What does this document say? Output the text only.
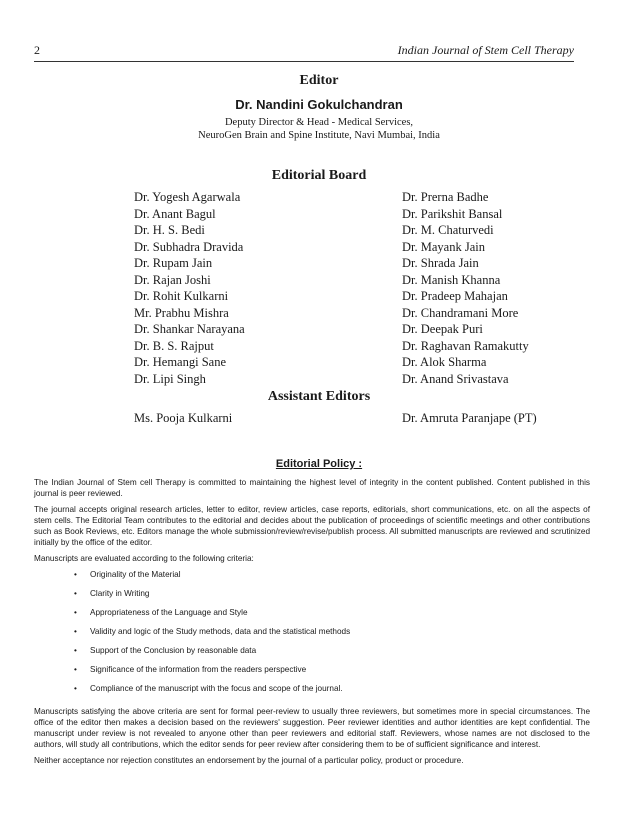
2	Indian Journal of Stem Cell Therapy
Editor
Dr. Nandini Gokulchandran
Deputy Director & Head - Medical Services,
NeuroGen Brain and Spine Institute, Navi Mumbai, India
Editorial Board
Dr. Yogesh Agarwala
Dr. Anant Bagul
Dr. H. S. Bedi
Dr. Subhadra Dravida
Dr. Rupam Jain
Dr. Rajan Joshi
Dr. Rohit Kulkarni
Mr. Prabhu Mishra
Dr. Shankar Narayana
Dr. B. S. Rajput
Dr. Hemangi Sane
Dr. Lipi Singh
Dr. Prerna Badhe
Dr. Parikshit Bansal
Dr. M. Chaturvedi
Dr. Mayank Jain
Dr. Shrada Jain
Dr. Manish Khanna
Dr. Pradeep Mahajan
Dr. Chandramani More
Dr. Deepak Puri
Dr. Raghavan Ramakutty
Dr. Alok Sharma
Dr. Anand Srivastava
Assistant Editors
Ms. Pooja Kulkarni	Dr. Amruta Paranjape (PT)
Editorial Policy :

The Indian Journal of Stem cell Therapy is committed to maintaining the highest level of integrity in the content published. Content published in this journal is peer reviewed.

The journal accepts original research articles, letter to editor, review articles, case reports, editorials, short communications, etc. on all the aspects of stem cells. The Editorial Team contributes to the editorial and decides about the publication of proceedings of scientific meetings and other contributions such as Book Reviews, etc. Editors manage the whole submission/review/revise/publish process. All submitted manuscripts are reviewed and scrutinized initially by the office of the editor.

Manuscripts are evaluated according to the following criteria:

• Originality of the Material
• Clarity in Writing
• Appropriateness of the Language and Style
• Validity and logic of the Study methods, data and the statistical methods
• Support of the Conclusion by reasonable data
• Significance of the information from the readers perspective
• Compliance of the manuscript with the focus and scope of the journal.

Manuscripts satisfying the above criteria are sent for formal peer-review to usually three reviewers, but sometimes more in special circumstances. The office of the editor then makes a decision based on the reviewers' suggestion. Peer reviewer identities and author identities are kept confidential. The manuscript under review is not revealed to anyone other than peer reviewers and editorial staff. Reviewers, whose names are not disclosed to the authors, will study all contributions, which the editor sends for peer review after considering them to be of sufficient significance and interest.

Neither acceptance nor rejection constitutes an endorsement by the journal of a particular policy, product or procedure.
